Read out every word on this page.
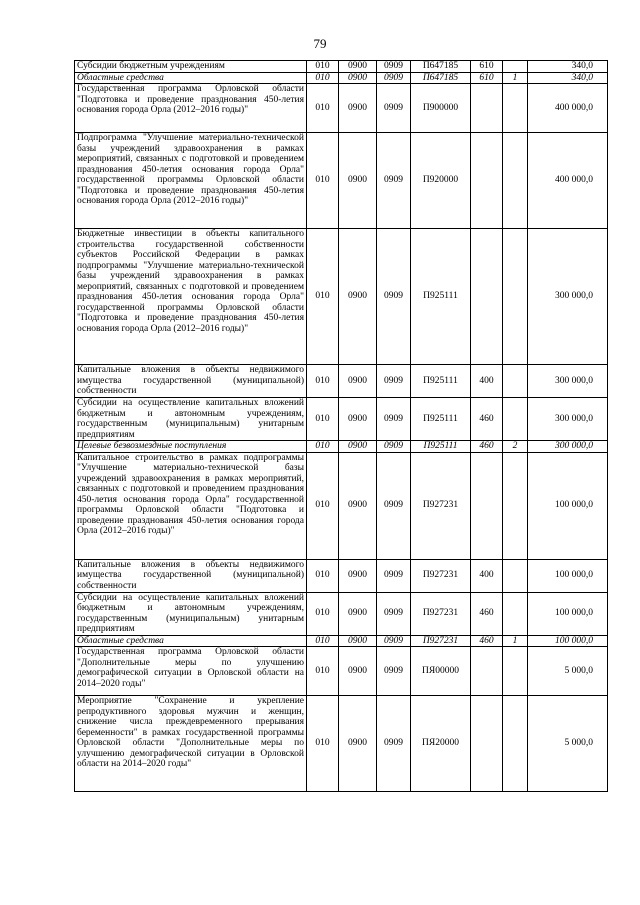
79
Субсидии бюджетным учреждениям	010	0900	0909	П647185	610		340,0
Областные средства	010	0900	0909	П647185	610	1	340,0
Государственная программа Орловской области "Подготовка и проведение празднования 450-летия основания города Орла (2012–2016 годы)"	010	0900	0909	П900000			400 000,0
Подпрограмма "Улучшение материально-технической базы учреждений здравоохранения в рамках мероприятий, связанных с подготовкой и проведением празднования 450-летия основания города Орла" государственной программы Орловской области "Подготовка и проведение празднования 450-летия основания города Орла (2012–2016 годы)"	010	0900	0909	П920000			400 000,0
Бюджетные инвестиции в объекты капитального строительства государственной собственности субъектов Российской Федерации в рамках подпрограммы "Улучшение материально-технической базы учреждений здравоохранения в рамках мероприятий, связанных с подготовкой и проведением празднования 450-летия основания города Орла" государственной программы Орловской области "Подготовка и проведение празднования 450-летия основания города Орла (2012–2016 годы)"	010	0900	0909	П925111			300 000,0
Капитальные вложения в объекты недвижимого имущества государственной (муниципальной) собственности	010	0900	0909	П925111	400		300 000,0
Субсидии на осуществление капитальных вложений бюджетным и автономным учреждениям, государственным (муниципальным) унитарным предприятиям	010	0900	0909	П925111	460		300 000,0
Целевые безвозмездные поступления	010	0900	0909	П925111	460	2	300 000,0
Капитальное строительство в рамках подпрограммы "Улучшение материально-технической базы учреждений здравоохранения в рамках мероприятий, связанных с подготовкой и проведением празднования 450-летия основания города Орла" государственной программы Орловской области "Подготовка и проведение празднования 450-летия основания города Орла (2012–2016 годы)"	010	0900	0909	П927231			100 000,0
Капитальные вложения в объекты недвижимого имущества государственной (муниципальной) собственности	010	0900	0909	П927231	400		100 000,0
Субсидии на осуществление капитальных вложений бюджетным и автономным учреждениям, государственным (муниципальным) унитарным предприятиям	010	0900	0909	П927231	460		100 000,0
Областные средства	010	0900	0909	П927231	460	1	100 000,0
Государственная программа Орловской области "Дополнительные меры по улучшению демографической ситуации в Орловской области на 2014–2020 годы"	010	0900	0909	ПЯ00000			5 000,0
Мероприятие "Сохранение и укрепление репродуктивного здоровья мужчин и женщин, снижение числа преждевременного прерывания беременности" в рамках государственной программы Орловской области "Дополнительные меры по улучшению демографической ситуации в Орловской области на 2014–2020 годы"	010	0900	0909	ПЯ20000			5 000,0
